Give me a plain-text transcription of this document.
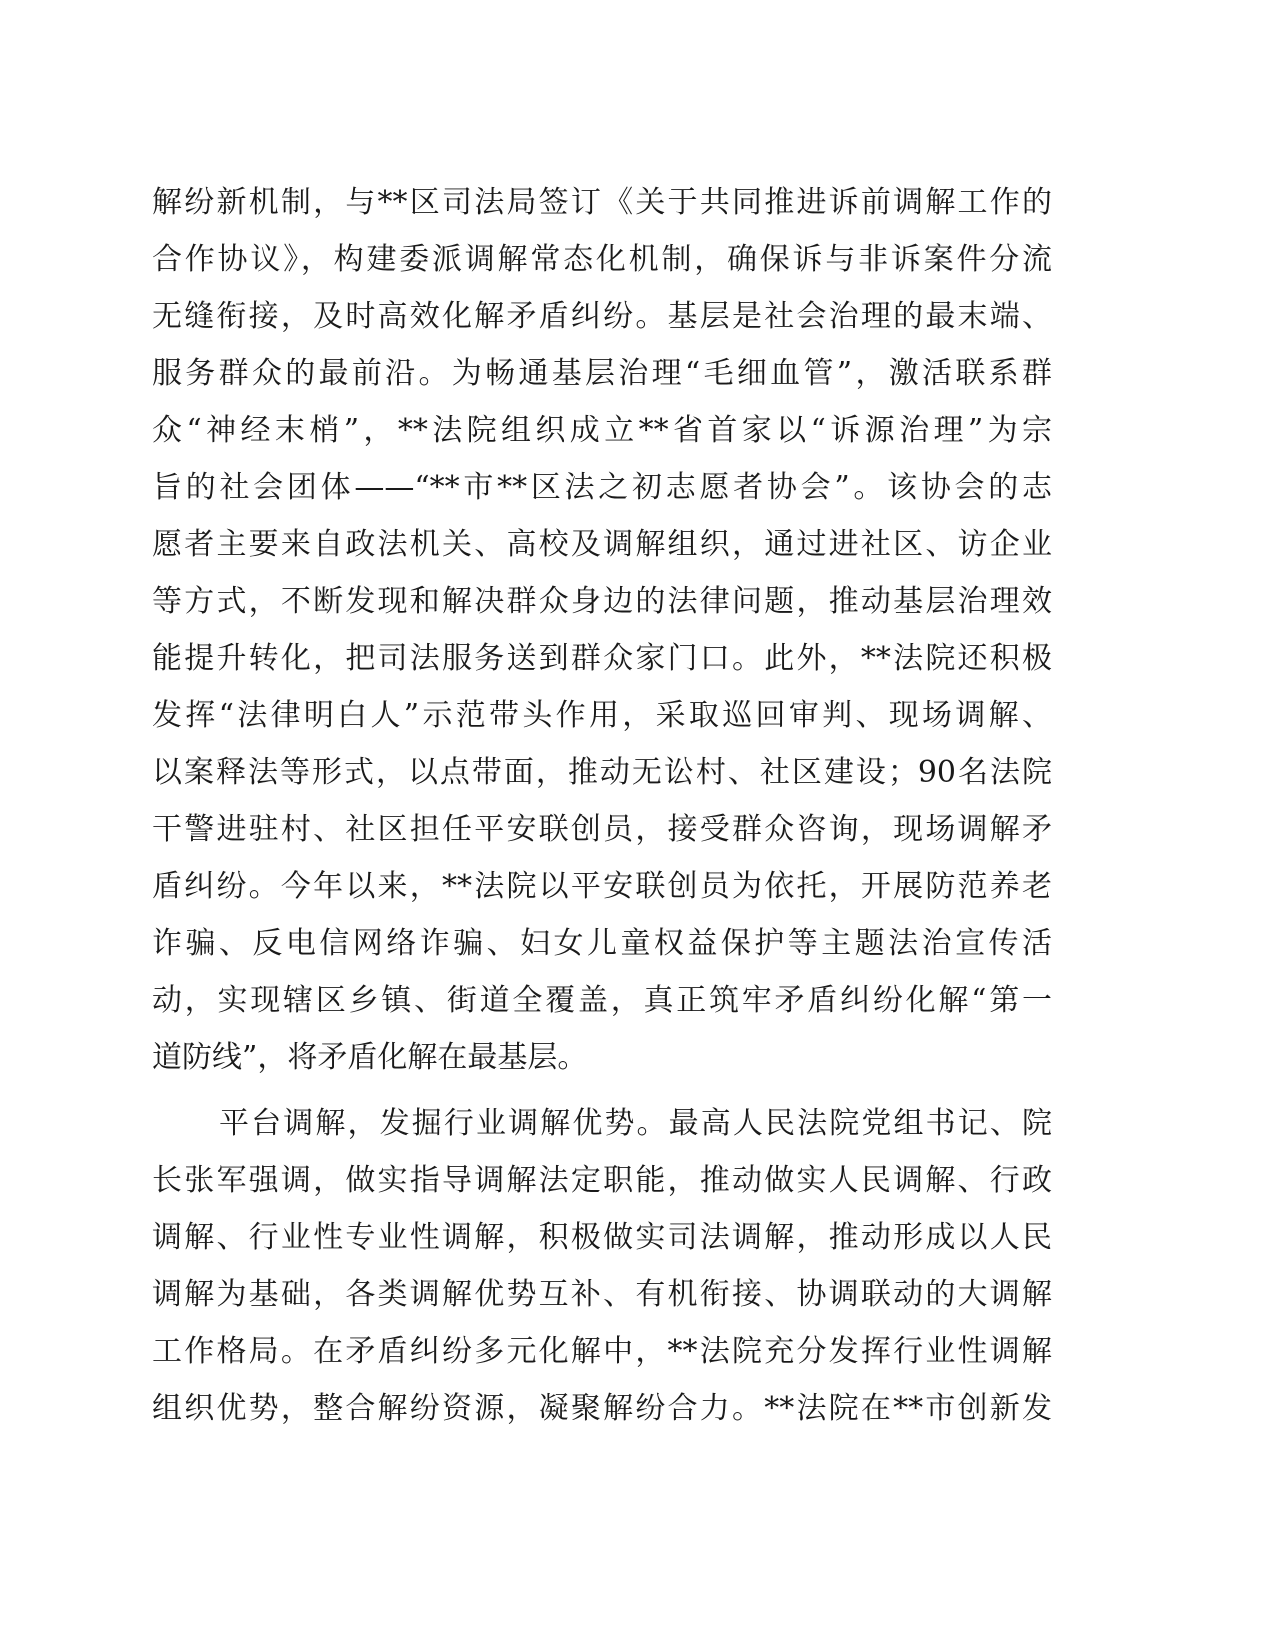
解纷新机制，与**区司法局签订《关于共同推进诉前调解工作的
合作协议》，构建委派调解常态化机制，确保诉与非诉案件分流
无缝衔接，及时高效化解矛盾纠纷。基层是社会治理的最末端、
服务群众的最前沿。为畅通基层治理“毛细血管”，激活联系群
众“神经末梢”，**法院组织成立**省首家以“诉源治理”为宗
旨的社会团体——“**市**区法之初志愿者协会”。该协会的志
愿者主要来自政法机关、高校及调解组织，通过进社区、访企业
等方式，不断发现和解决群众身边的法律问题，推动基层治理效
能提升转化，把司法服务送到群众家门口。此外，**法院还积极
发挥“法律明白人”示范带头作用，采取巡回审判、现场调解、
以案释法等形式，以点带面，推动无讼村、社区建设；90名法院
干警进驻村、社区担任平安联创员，接受群众咨询，现场调解矛
盾纠纷。今年以来，**法院以平安联创员为依托，开展防范养老
诈骗、反电信网络诈骗、妇女儿童权益保护等主题法治宣传活
动，实现辖区乡镇、街道全覆盖，真正筑牢矛盾纠纷化解“第一
道防线”，将矛盾化解在最基层。
平台调解，发掘行业调解优势。最高人民法院党组书记、院
长张军强调，做实指导调解法定职能，推动做实人民调解、行政
调解、行业性专业性调解，积极做实司法调解，推动形成以人民
调解为基础，各类调解优势互补、有机衔接、协调联动的大调解
工作格局。在矛盾纠纷多元化解中，**法院充分发挥行业性调解
组织优势，整合解纷资源，凝聚解纷合力。**法院在**市创新发
